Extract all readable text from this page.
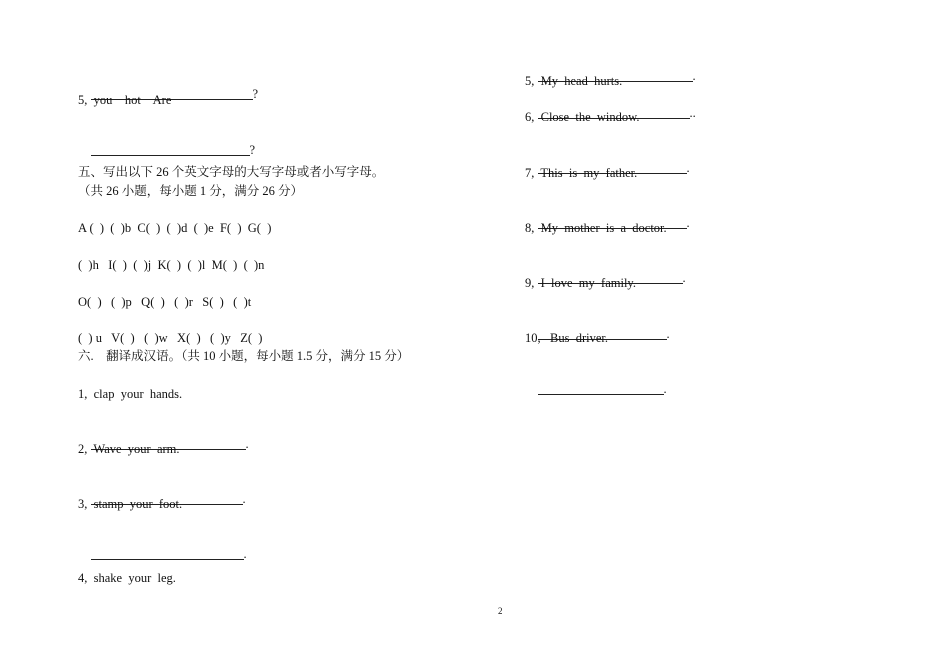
?

5,  you    hot    Are

?

五、写出以下 26 个英文字母的大写字母或者小写字母。
（共 26 小题，每小题 1 分，满分 26 分）
A (  )  (  )b  C(  )  (  )d  (  )e  F(  )  G(  )
(  )h   I(  )  (  )j  K(  )  (  )l  M(  )  (  )n
O(  )   (  )p   Q(  )   (  )r   S(  )   (  )t
(  ) u   V(  )   (  )w   X(  )   (  )y   Z(  )
六.    翻译成汉语。（共 10 小题，每小题 1.5 分，满分 15 分）
1,  clap  your  hands.

.

2,  Wave  your  arm.

.

3,  stamp  your  foot.

.

4,  shake  your  leg.

.

5,  My  head  hurts.

..

6,  Close  the  window.

.

7,  This  is  my  father.

.

8,  My  mother  is  a  doctor.

.

9,  I  love  my  family.

.

10,   Bus  driver.

.

2
